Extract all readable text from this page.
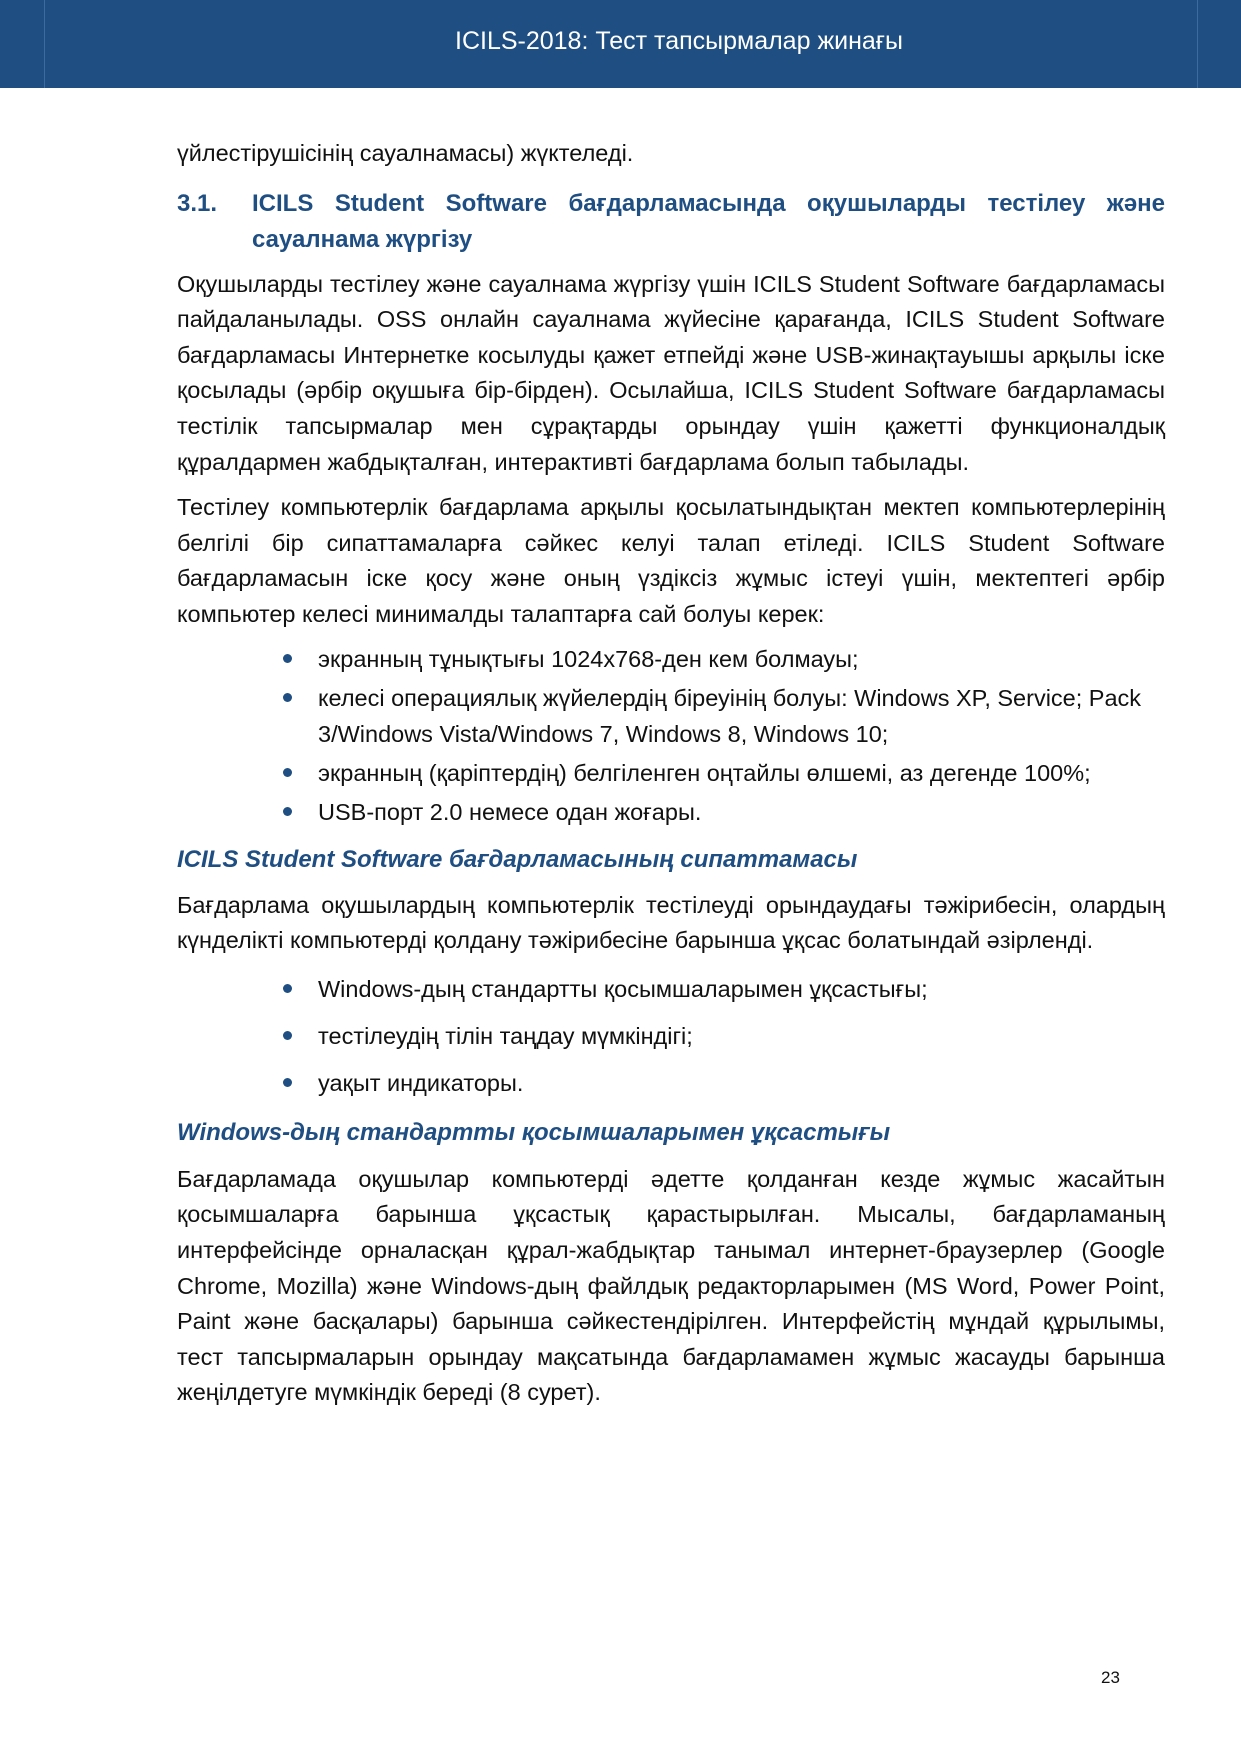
ICILS-2018: Тест тапсырмалар жинағы

үйлестірушісінің сауалнамасы) жүктеледі.

3.1.	ICILS Student Software бағдарламасында оқушыларды тестілеу және сауалнама жүргізу

Оқушыларды тестілеу және сауалнама жүргізу үшін ICILS Student Software бағдарламасы пайдаланылады. OSS онлайн сауалнама жүйесіне қарағанда, ICILS Student Software бағдарламасы Интернетке косылуды қажет етпейді және USB-жинақтауышы арқылы іске қосылады (әрбір оқушыға бір-бірден). Осылайша, ICILS Student Software бағдарламасы тестілік тапсырмалар мен сұрақтарды орындау үшін қажетті функционалдық құралдармен жабдықталған, интерактивті бағдарлама болып табылады.

Тестілеу компьютерлік бағдарлама арқылы қосылатындықтан мектеп компьютерлерінің белгілі бір сипаттамаларға сәйкес келуі талап етіледі. ICILS Student Software бағдарламасын іске қосу және оның үздіксіз жұмыс істеуі үшін, мектептегі әрбір компьютер келесі минималды талаптарға сай болуы керек:

экранның тұнықтығы 1024х768-ден кем болмауы;
келесі операциялық жүйелердің біреуінің болуы: Windows XP, Service; Pack 3/Windows Vista/Windows 7, Windows 8, Windows 10;
экранның (қаріптердің) белгіленген оңтайлы өлшемі, аз дегенде 100%;
USB-порт 2.0 немесе одан жоғары.
ICILS Student Software бағдарламасының сипаттамасы

Бағдарлама оқушылардың компьютерлік тестілеуді орындаудағы тәжірибесін, олардың күнделікті компьютерді қолдану тәжірибесіне барынша ұқсас болатындай әзірленді.

Windows-дың стандартты қосымшаларымен ұқсастығы;
тестілеудің тілін таңдау мүмкіндігі;
уақыт индикаторы.
Windows-дың стандартты қосымшаларымен ұқсастығы

Бағдарламада оқушылар компьютерді әдетте қолданған кезде жұмыс жасайтын қосымшаларға барынша ұқсастық қарастырылған. Мысалы, бағдарламаның интерфейсінде орналасқан құрал-жабдықтар танымал интернет-браузерлер (Google Chrome, Mozilla) және Windows-дың файлдық редакторларымен (MS Word, Power Point, Paint және басқалары) барынша сәйкестендірілген. Интерфейстің мұндай құрылымы, тест тапсырмаларын орындау мақсатында бағдарламамен жұмыс жасауды барынша жеңілдетуге мүмкіндік береді (8 сурет).

23
